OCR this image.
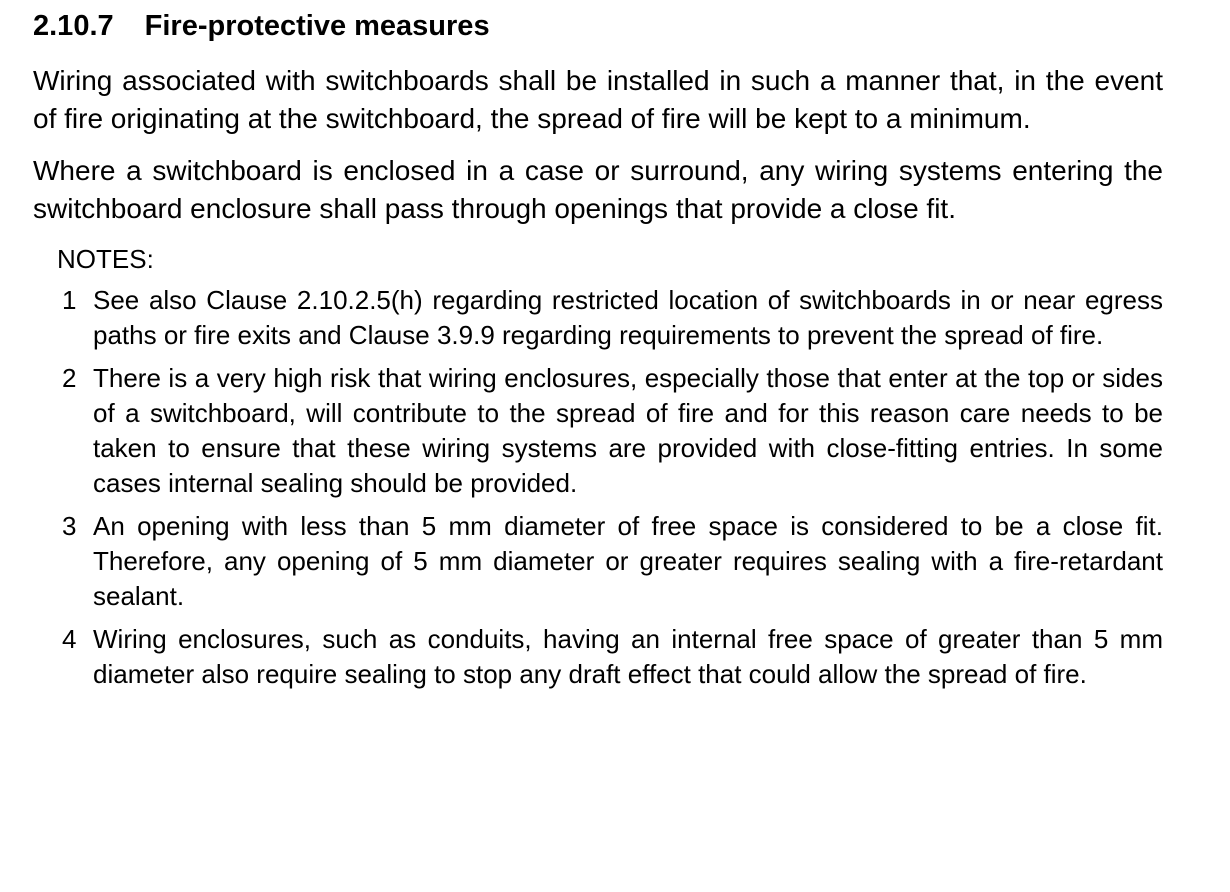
2.10.7 Fire-protective measures

Wiring associated with switchboards shall be installed in such a manner that, in the event of fire originating at the switchboard, the spread of fire will be kept to a minimum.

Where a switchboard is enclosed in a case or surround, any wiring systems entering the switchboard enclosure shall pass through openings that provide a close fit.

NOTES:
1 See also Clause 2.10.2.5(h) regarding restricted location of switchboards in or near egress paths or fire exits and Clause 3.9.9 regarding requirements to prevent the spread of fire.
2 There is a very high risk that wiring enclosures, especially those that enter at the top or sides of a switchboard, will contribute to the spread of fire and for this reason care needs to be taken to ensure that these wiring systems are provided with close-fitting entries. In some cases internal sealing should be provided.
3 An opening with less than 5 mm diameter of free space is considered to be a close fit. Therefore, any opening of 5 mm diameter or greater requires sealing with a fire-retardant sealant.
4 Wiring enclosures, such as conduits, having an internal free space of greater than 5 mm diameter also require sealing to stop any draft effect that could allow the spread of fire.
